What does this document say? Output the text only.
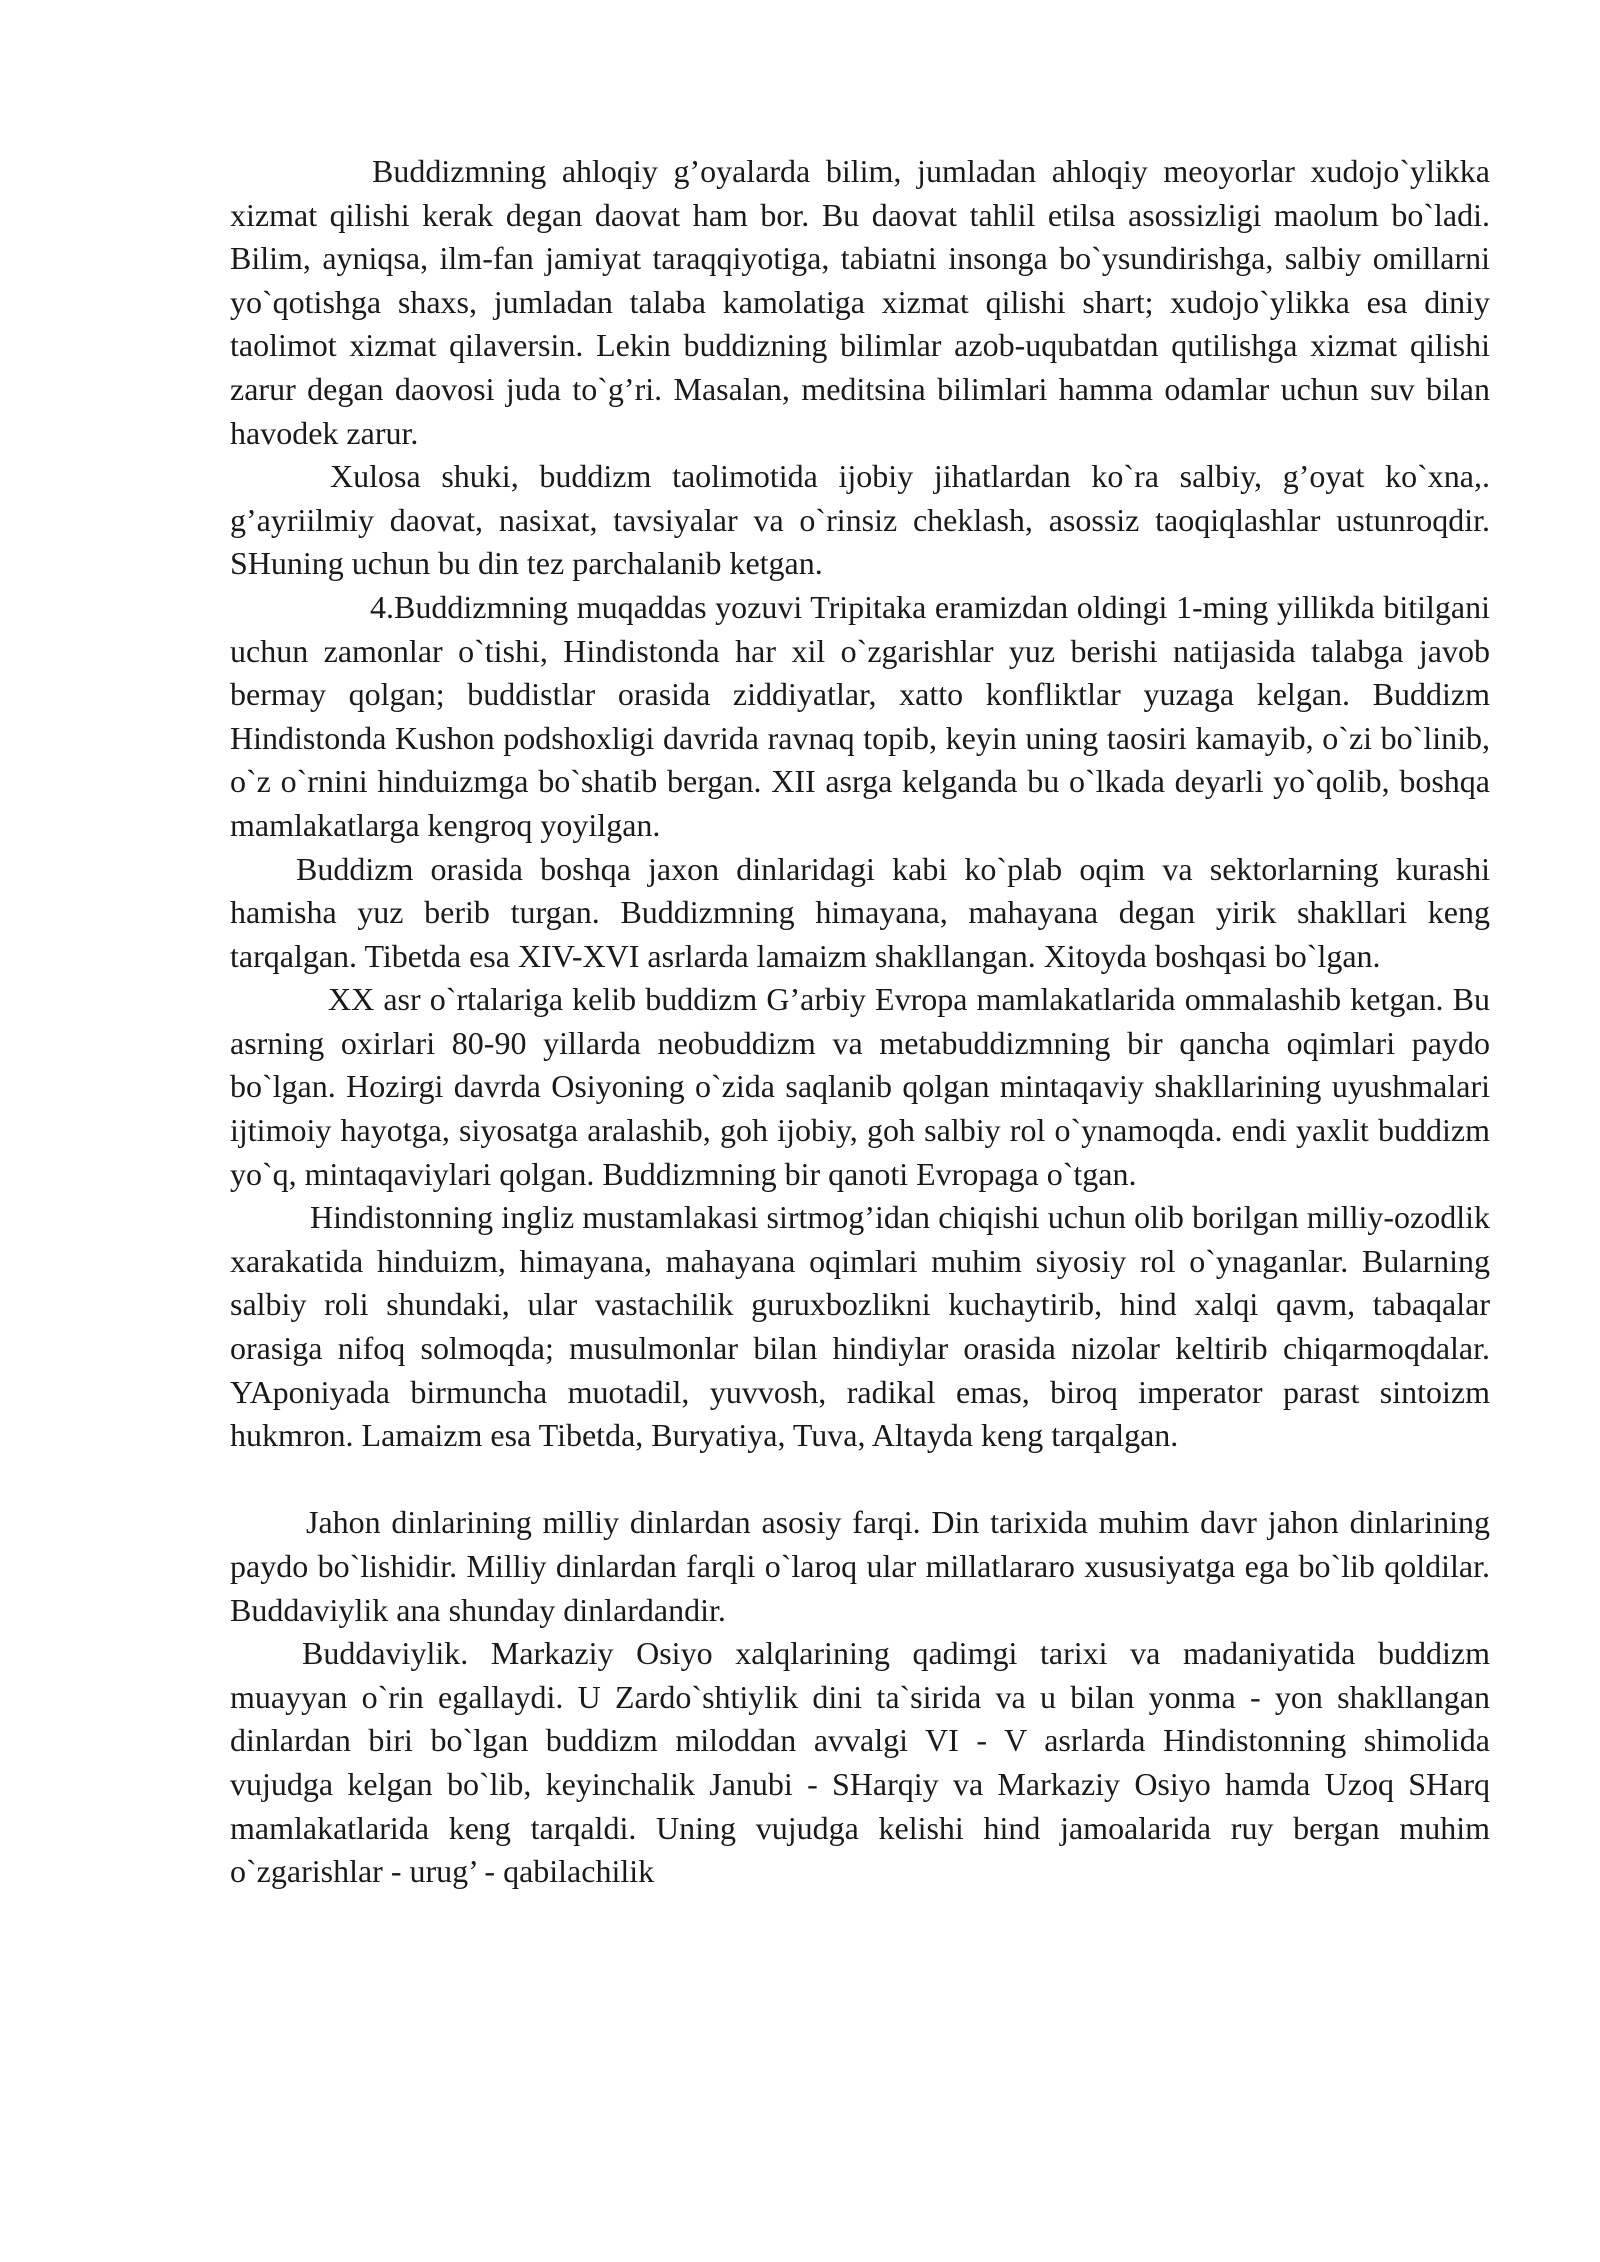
Buddizmning ahloqiy g’oyalarda bilim, jumladan ahloqiy meoyorlar xudojo`ylikka xizmat qilishi kerak degan daovat ham bor. Bu daovat tahlil etilsa asossizligi maolum bo`ladi. Bilim, ayniqsa, ilm-fan jamiyat taraqqiyotiga, tabiatni insonga bo`ysundirishga, salbiy omillarni yo`qotishga shaxs, jumladan talaba kamolatiga xizmat qilishi shart; xudojo`ylikka esa diniy taolimot xizmat qilaversin. Lekin buddizning bilimlar azob-uqubatdan qutilishga xizmat qilishi zarur degan daovosi juda to`g’ri. Masalan, meditsina bilimlari hamma odamlar uchun suv bilan havodek zarur.

Xulosa shuki, buddizm taolimotida ijobiy jihatlardan ko`ra salbiy, g’oyat ko`xna,. g’ayriilmiy daovat, nasixat, tavsiyalar va o`rinsiz cheklash, asossiz taoqiqlashlar ustunroqdir. SHuning uchun bu din tez parchalanib ketgan.

4.Buddizmning muqaddas yozuvi Tripitaka eramizdan oldingi 1-ming yillikda bitilgani uchun zamonlar o`tishi, Hindistonda har xil o`zgarishlar yuz berishi natijasida talabga javob bermay qolgan; buddistlar orasida ziddiyatlar, xatto konfliktlar yuzaga kelgan. Buddizm Hindistonda Kushon podshoxligi davrida ravnaq topib, keyin uning taosiri kamayib, o`zi bo`linib, o`z o`rnini hinduizmga bo`shatib bergan. XII asrga kelganda bu o`lkada deyarli yo`qolib, boshqa mamlakatlarga kengroq yoyilgan.

Buddizm orasida boshqa jaxon dinlaridagi kabi ko`plab oqim va sektorlarning kurashi hamisha yuz berib turgan. Buddizmning himayana, mahayana degan yirik shakllari keng tarqalgan. Tibetda esa XIV-XVI asrlarda lamaizm shakllangan. Xitoyda boshqasi bo`lgan.

XX asr o`rtalariga kelib buddizm G’arbiy Evropa mamlakatlarida ommalashib ketgan. Bu asrning oxirlari 80-90 yillarda neobuddizm va metabuddizmning bir qancha oqimlari paydo bo`lgan. Hozirgi davrda Osiyoning o`zida saqlanib qolgan mintaqaviy shakllarining uyushmalari ijtimoiy hayotga, siyosatga aralashib, goh ijobiy, goh salbiy rol o`ynamoqda. endi yaxlit buddizm yo`q, mintaqaviylari qolgan. Buddizmning bir qanoti Evropaga o`tgan.

Hindistonning ingliz mustamlakasi sirtmog’idan chiqishi uchun olib borilgan milliy-ozodlik xarakatida hinduizm, himayana, mahayana oqimlari muhim siyosiy rol o`ynaganlar. Bularning salbiy roli shundaki, ular vastachilik guruxbozlikni kuchaytirib, hind xalqi qavm, tabaqalar orasiga nifoq solmoqda; musulmonlar bilan hindiylar orasida nizolar keltirib chiqarmoqdalar. YAponiyada birmuncha muotadil, yuvvosh, radikal emas, biroq imperator parast sintoizm hukmron. Lamaizm esa Tibetda, Buryatiya, Tuva, Altayda keng tarqalgan.

Jahon dinlarining milliy dinlardan asosiy farqi. Din tarixida muhim davr jahon dinlarining paydo bo`lishidir. Milliy dinlardan farqli o`laroq ular millatlararo xususiyatga ega bo`lib qoldilar. Buddaviylik ana shunday dinlardandir.

Buddaviylik. Markaziy Osiyo xalqlarining qadimgi tarixi va madaniyatida buddizm muayyan o`rin egallaydi. U Zardo`shtiylik dini ta`sirida va u bilan yonma - yon shakllangan dinlardan biri bo`lgan buddizm miloddan avvalgi VI - V asrlarda Hindistonning shimolida vujudga kelgan bo`lib, keyinchalik Janubi - SHarqiy va Markaziy Osiyo hamda Uzoq SHarq mamlakatlarida keng tarqaldi. Uning vujudga kelishi hind jamoalarida ruy bergan muhim o`zgarishlar - urug’ - qabilachilik
